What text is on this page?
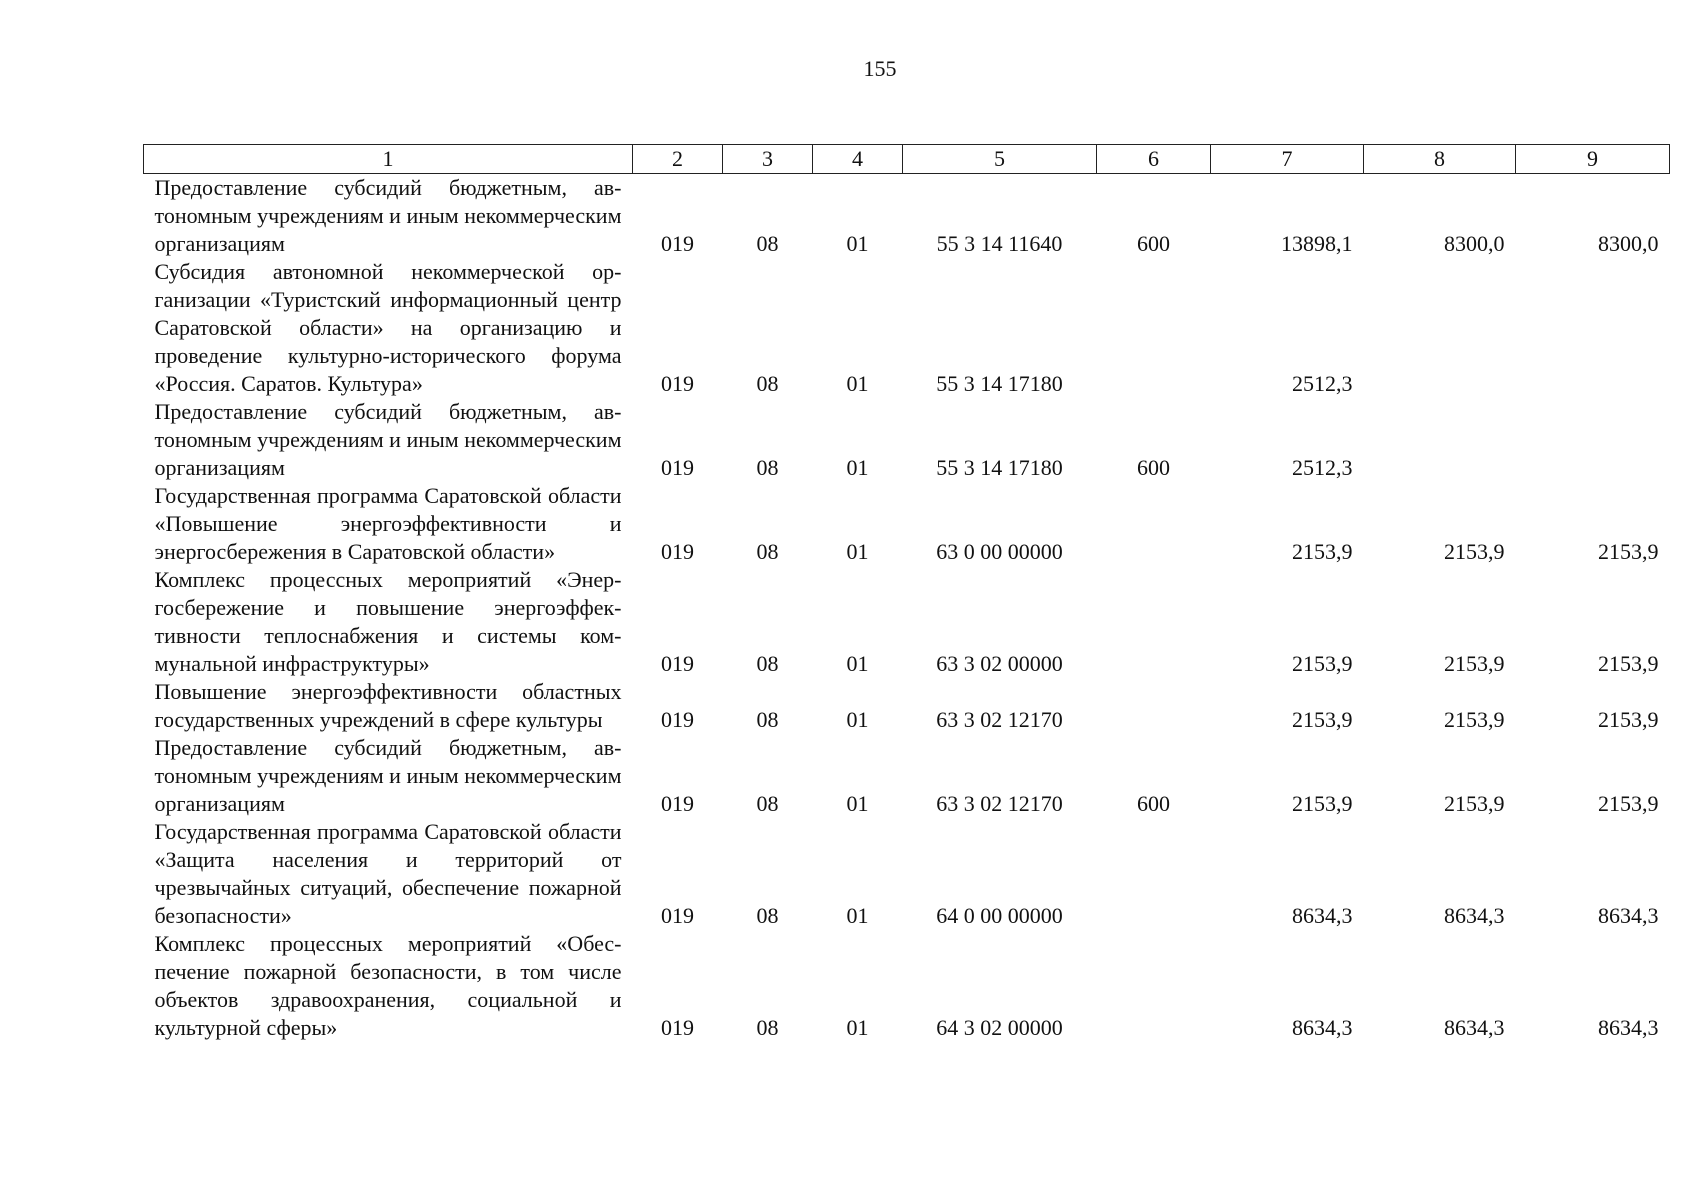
155
1	2	3	4	5	6	7	8	9
Предоставление субсидий бюджетным, автономным учреждениям и иным некоммерческим организациям	019	08	01	55 3 14 11640	600	13898,1	8300,0	8300,0
Субсидия автономной некоммерческой организации «Туристский информационный центр Саратовской области» на организацию и проведение культурно-исторического форума «Россия. Саратов. Культура»	019	08	01	55 3 14 17180		2512,3		
Предоставление субсидий бюджетным, автономным учреждениям и иным некоммерческим организациям	019	08	01	55 3 14 17180	600	2512,3		
Государственная программа Саратовской области «Повышение энергоэффективности и энергосбережения в Саратовской области»	019	08	01	63 0 00 00000		2153,9	2153,9	2153,9
Комплекс процессных мероприятий «Энергосбережение и повышение энергоэффективности теплоснабжения и системы коммунальной инфраструктуры»	019	08	01	63 3 02 00000		2153,9	2153,9	2153,9
Повышение энергоэффективности областных государственных учреждений в сфере культуры	019	08	01	63 3 02 12170		2153,9	2153,9	2153,9
Предоставление субсидий бюджетным, автономным учреждениям и иным некоммерческим организациям	019	08	01	63 3 02 12170	600	2153,9	2153,9	2153,9
Государственная программа Саратовской области «Защита населения и территорий от чрезвычайных ситуаций, обеспечение пожарной безопасности»	019	08	01	64 0 00 00000		8634,3	8634,3	8634,3
Комплекс процессных мероприятий «Обеспечение пожарной безопасности, в том числе объектов здравоохранения, социальной и культурной сферы»	019	08	01	64 3 02 00000		8634,3	8634,3	8634,3
